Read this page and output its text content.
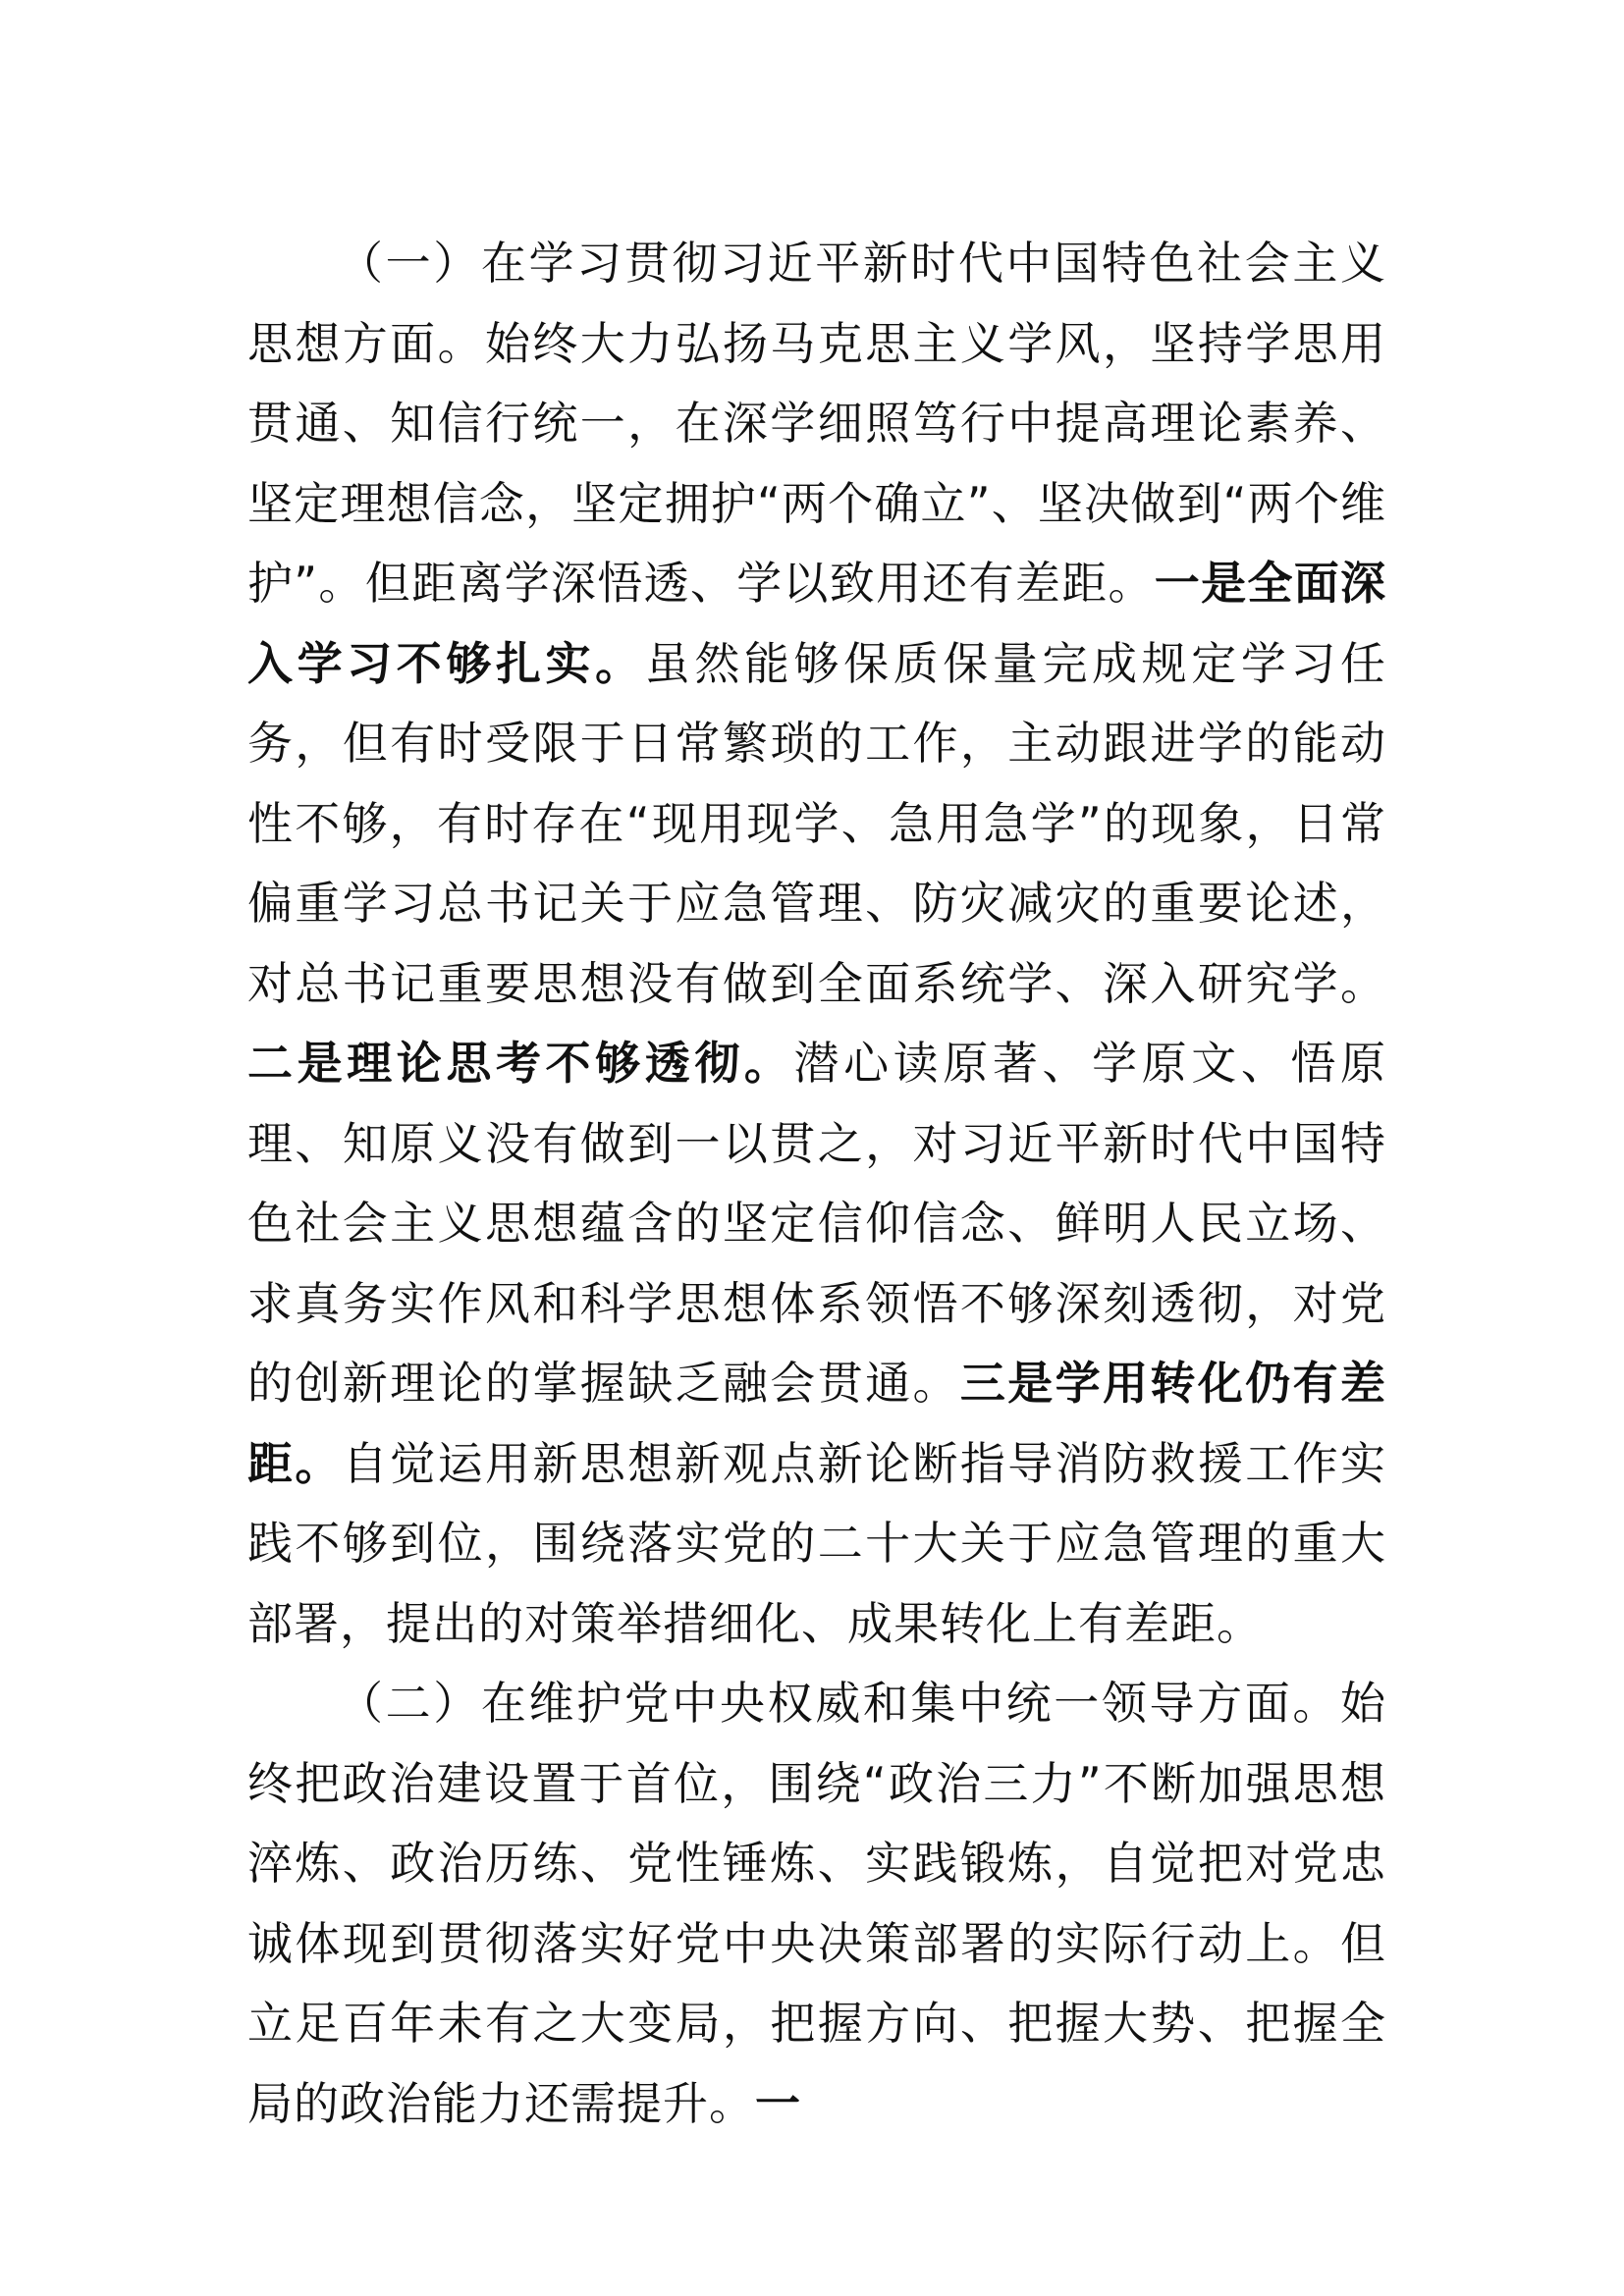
（一）在学习贯彻习近平新时代中国特色社会主义思想方面。始终大力弘扬马克思主义学风，坚持学思用贯通、知信行统一，在深学细照笃行中提高理论素养、坚定理想信念，坚定拥护“两个确立”、坚决做到“两个维护”。但距离学深悟透、学以致用还有差距。一是全面深入学习不够扎实。虽然能够保质保量完成规定学习任务，但有时受限于日常繁琐的工作，主动跟进学的能动性不够，有时存在“现用现学、急用急学”的现象，日常偏重学习总书记关于应急管理、防灾减灾的重要论述，对总书记重要思想没有做到全面系统学、深入研究学。二是理论思考不够透彻。潜心读原著、学原文、悟原理、知原义没有做到一以贯之，对习近平新时代中国特色社会主义思想蕴含的坚定信仰信念、鲜明人民立场、求真务实作风和科学思想体系领悟不够深刻透彻，对党的创新理论的掌握缺乏融会贯通。三是学用转化仍有差距。自觉运用新思想新观点新论断指导消防救援工作实践不够到位，围绕落实党的二十大关于应急管理的重大部署，提出的对策举措细化、成果转化上有差距。

（二）在维护党中央权威和集中统一领导方面。始终把政治建设置于首位，围绕“政治三力”不断加强思想淬炼、政治历练、党性锤炼、实践锻炼，自觉把对党忠诚体现到贯彻落实好党中央决策部署的实际行动上。但立足百年未有之大变局，把握方向、把握大势、把握全局的政治能力还需提升。一
